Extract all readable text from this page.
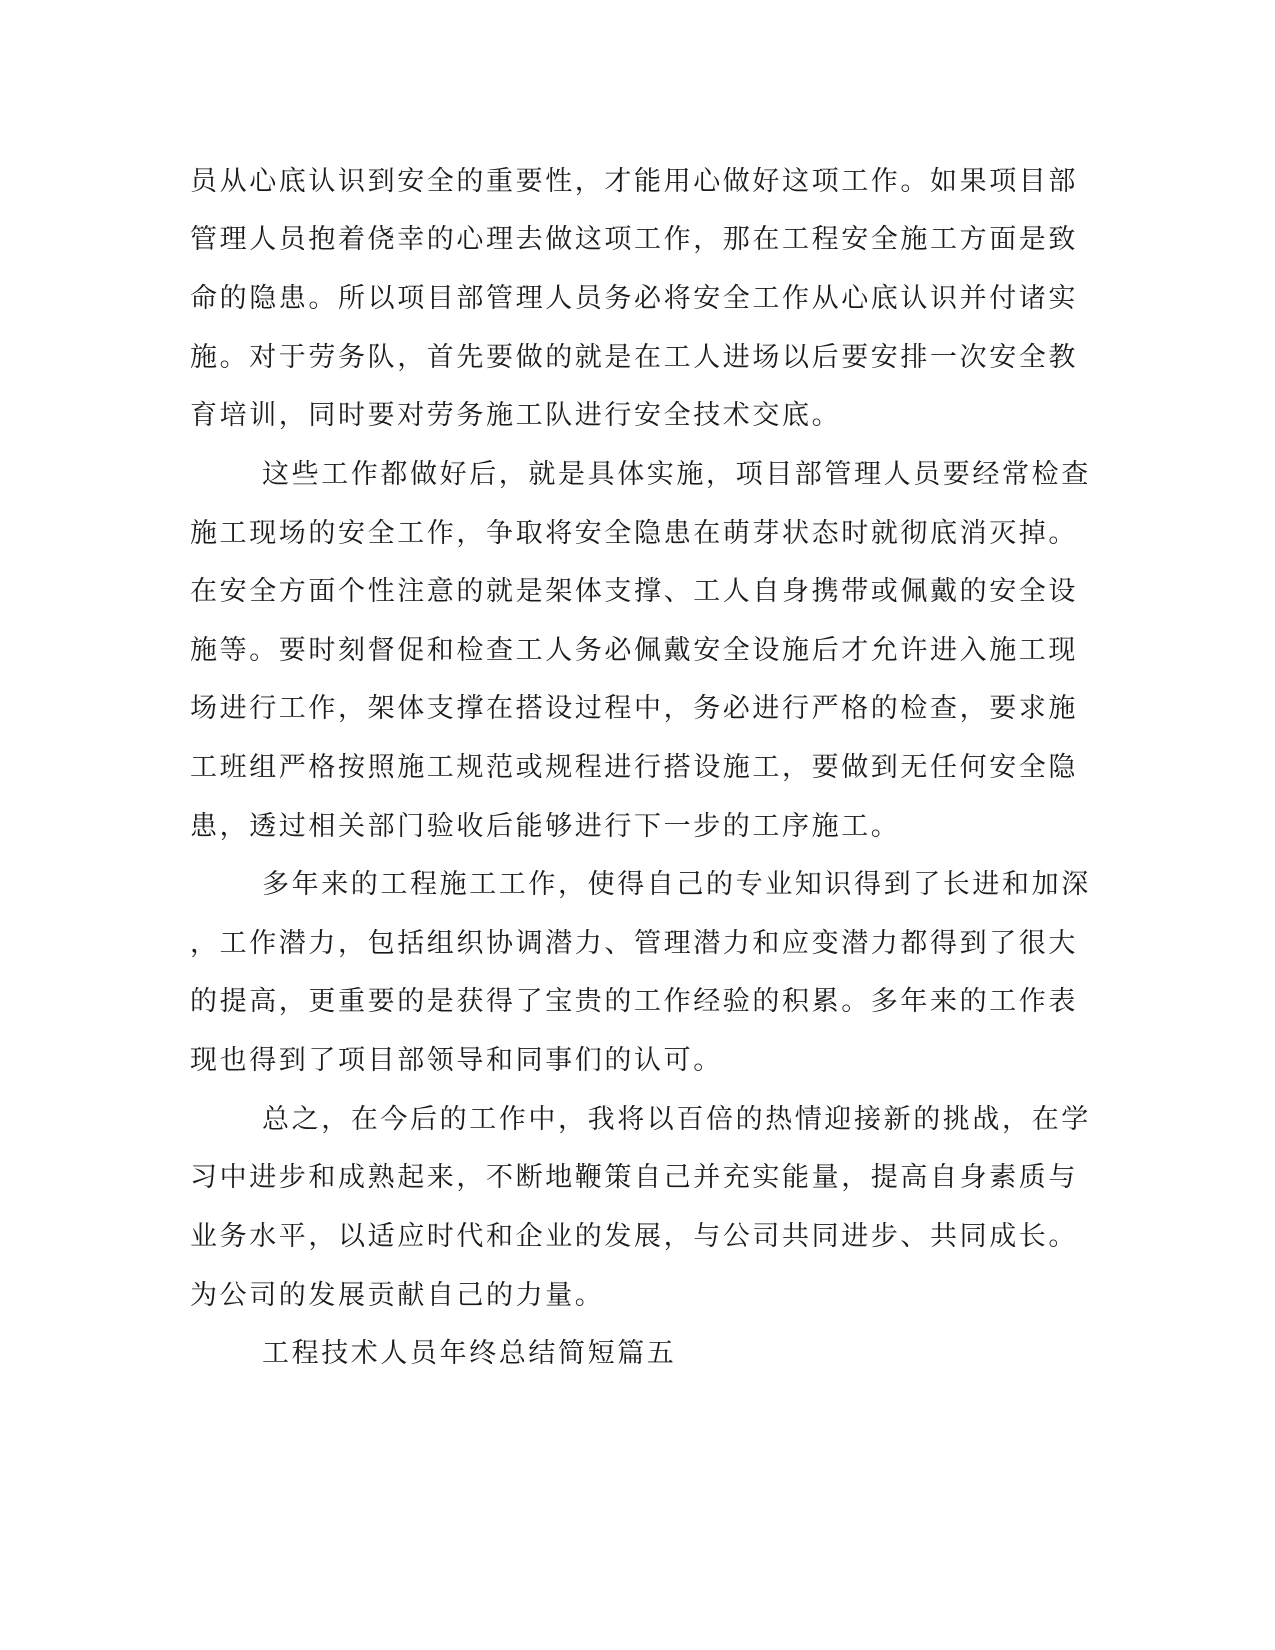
员从心底认识到安全的重要性，才能用心做好这项工作。如果项目部
管理人员抱着侥幸的心理去做这项工作，那在工程安全施工方面是致
命的隐患。所以项目部管理人员务必将安全工作从心底认识并付诸实
施。对于劳务队，首先要做的就是在工人进场以后要安排一次安全教
育培训，同时要对劳务施工队进行安全技术交底。
这些工作都做好后，就是具体实施，项目部管理人员要经常检查
施工现场的安全工作，争取将安全隐患在萌芽状态时就彻底消灭掉。
在安全方面个性注意的就是架体支撑、工人自身携带或佩戴的安全设
施等。要时刻督促和检查工人务必佩戴安全设施后才允许进入施工现
场进行工作，架体支撑在搭设过程中，务必进行严格的检查，要求施
工班组严格按照施工规范或规程进行搭设施工，要做到无任何安全隐
患，透过相关部门验收后能够进行下一步的工序施工。
多年来的工程施工工作，使得自己的专业知识得到了长进和加深
，工作潜力，包括组织协调潜力、管理潜力和应变潜力都得到了很大
的提高，更重要的是获得了宝贵的工作经验的积累。多年来的工作表
现也得到了项目部领导和同事们的认可。
总之，在今后的工作中，我将以百倍的热情迎接新的挑战，在学
习中进步和成熟起来，不断地鞭策自己并充实能量，提高自身素质与
业务水平，以适应时代和企业的发展，与公司共同进步、共同成长。
为公司的发展贡献自己的力量。
工程技术人员年终总结简短篇五
